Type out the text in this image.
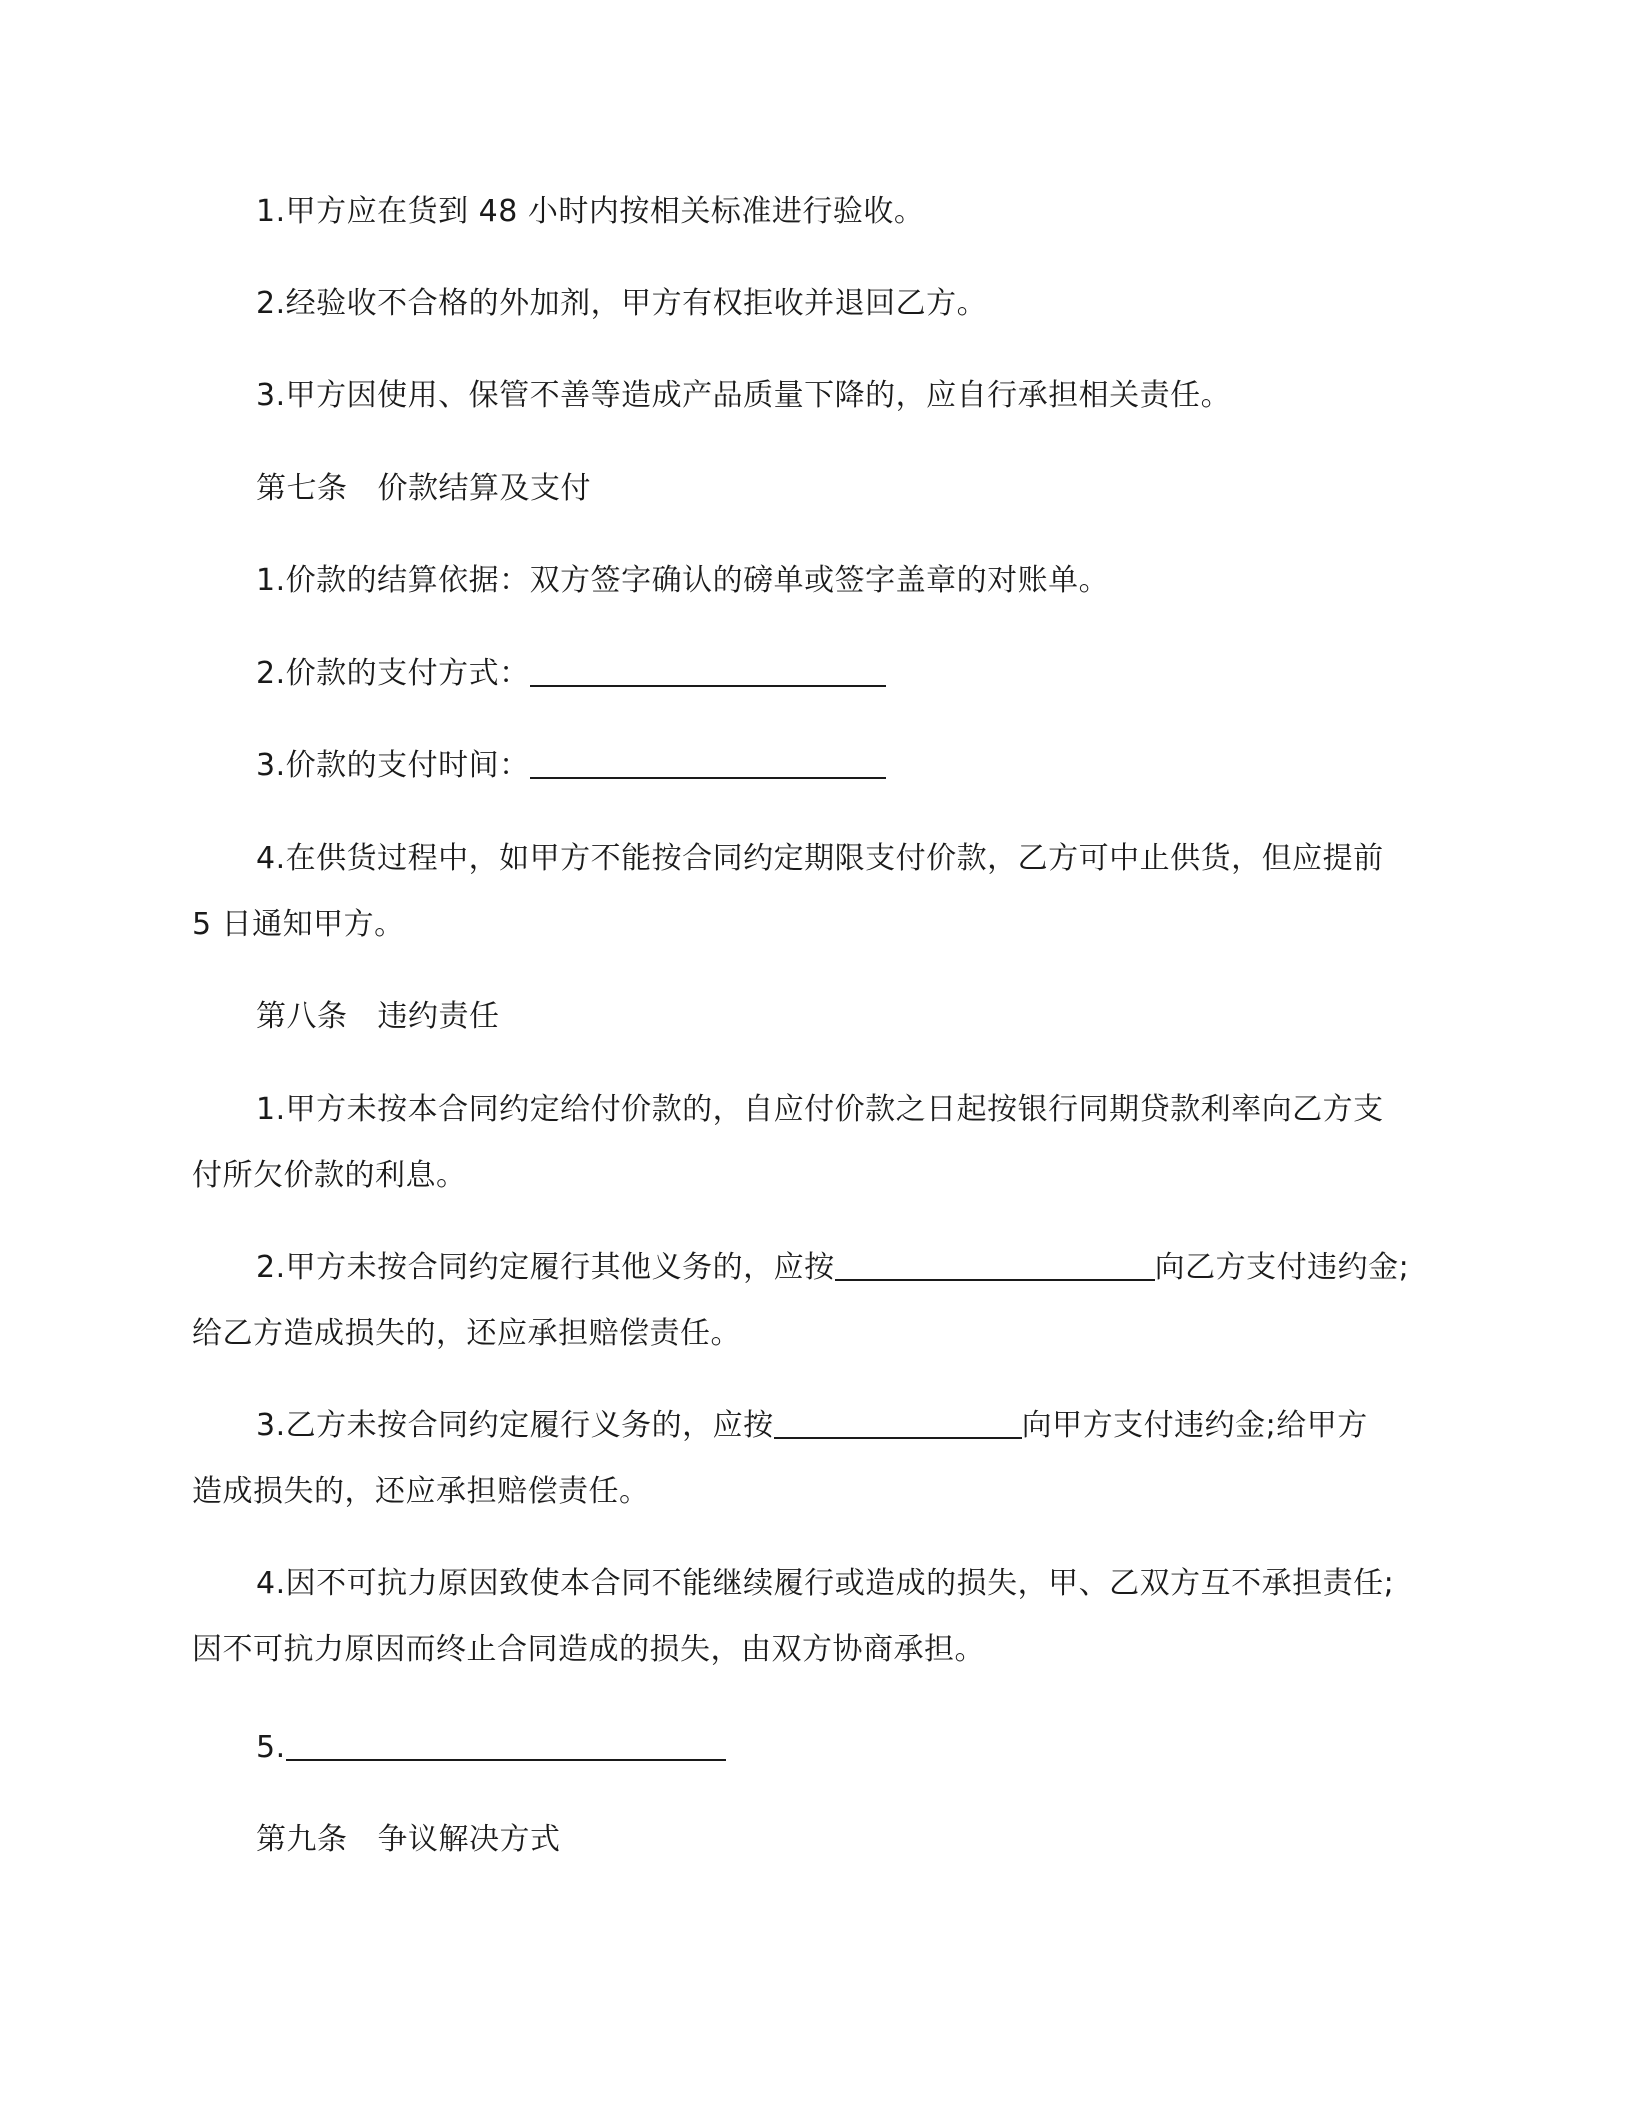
1.甲方应在货到 48 小时内按相关标准进行验收。
2.经验收不合格的外加剂，甲方有权拒收并退回乙方。
3.甲方因使用、保管不善等造成产品质量下降的，应自行承担相关责任。
第七条 价款结算及支付
1.价款的结算依据：双方签字确认的磅单或签字盖章的对账单。
2.价款的支付方式：
3.价款的支付时间：
4.在供货过程中，如甲方不能按合同约定期限支付价款，乙方可中止供货，但应提前
5 日通知甲方。
第八条 违约责任
1.甲方未按本合同约定给付价款的，自应付价款之日起按银行同期贷款利率向乙方支
付所欠价款的利息。
2.甲方未按合同约定履行其他义务的，应按	向乙方支付违约金;
给乙方造成损失的，还应承担赔偿责任。
3.乙方未按合同约定履行义务的，应按	向甲方支付违约金;给甲方
造成损失的，还应承担赔偿责任。
4.因不可抗力原因致使本合同不能继续履行或造成的损失，甲、乙双方互不承担责任;
因不可抗力原因而终止合同造成的损失，由双方协商承担。
5.
第九条 争议解决方式
